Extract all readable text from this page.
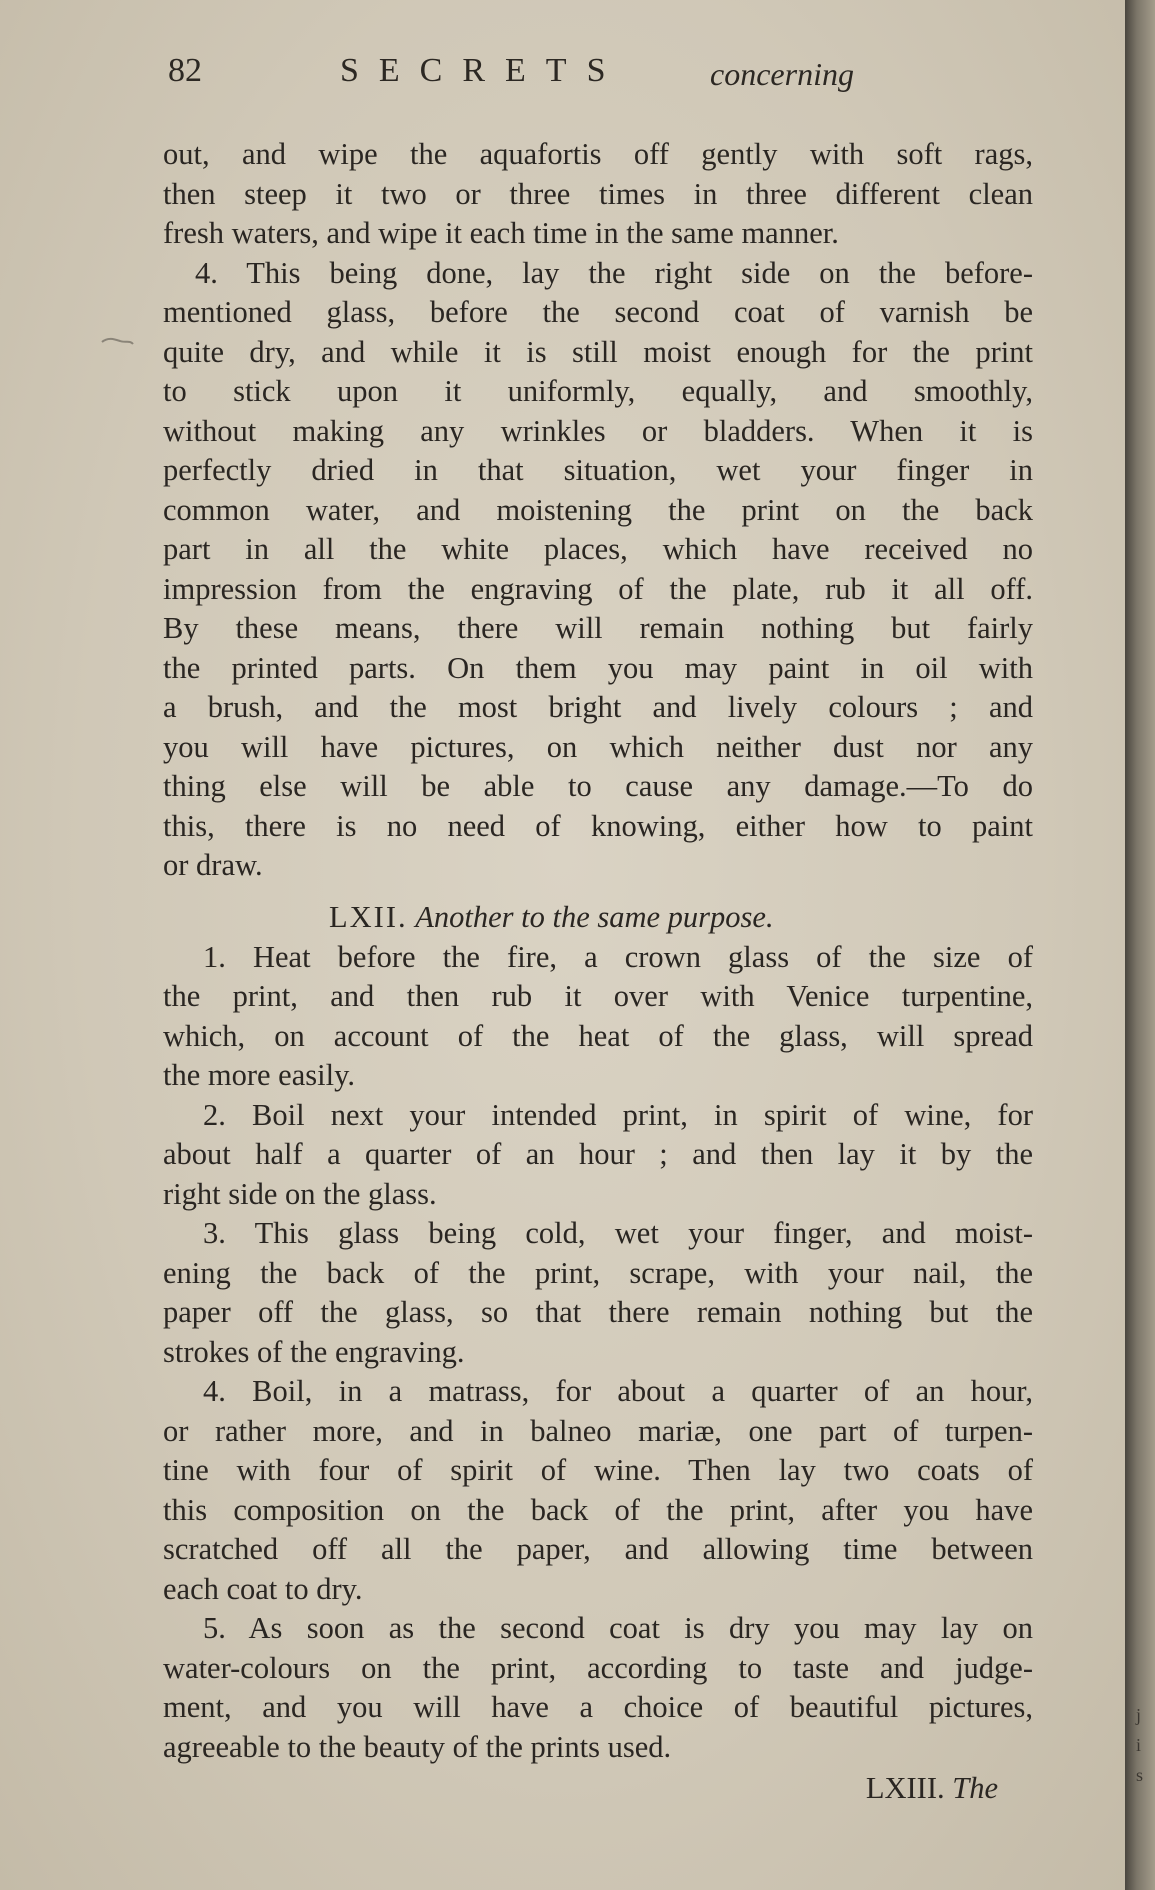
82	SECRETS	concerning
out, and wipe the aquafortis off gently with soft rags,
then steep it two or three times in three different clean
fresh waters, and wipe it each time in the same manner.
4. This being done, lay the right side on the before-
mentioned glass, before the second coat of varnish be
quite dry, and while it is still moist enough for the print
to stick upon it uniformly, equally, and smoothly,
without making any wrinkles or bladders. When it is
perfectly dried in that situation, wet your finger in
common water, and moistening the print on the back
part in all the white places, which have received no
impression from the engraving of the plate, rub it all off.
By these means, there will remain nothing but fairly
the printed parts. On them you may paint in oil with
a brush, and the most bright and lively colours ; and
you will have pictures, on which neither dust nor any
thing else will be able to cause any damage.—To do
this, there is no need of knowing, either how to paint
or draw.
LXII. Another to the same purpose.
1. Heat before the fire, a crown glass of the size of
the print, and then rub it over with Venice turpentine,
which, on account of the heat of the glass, will spread
the more easily.
2. Boil next your intended print, in spirit of wine, for
about half a quarter of an hour ; and then lay it by the
right side on the glass.
3. This glass being cold, wet your finger, and moist-
ening the back of the print, scrape, with your nail, the
paper off the glass, so that there remain nothing but the
strokes of the engraving.
4. Boil, in a matrass, for about a quarter of an hour,
or rather more, and in balneo mariæ, one part of turpen-
tine with four of spirit of wine. Then lay two coats of
this composition on the back of the print, after you have
scratched off all the paper, and allowing time between
each coat to dry.
5. As soon as the second coat is dry you may lay on
water-colours on the print, according to taste and judge-
ment, and you will have a choice of beautiful pictures,
agreeable to the beauty of the prints used.
LXIII. The
j
i
s
